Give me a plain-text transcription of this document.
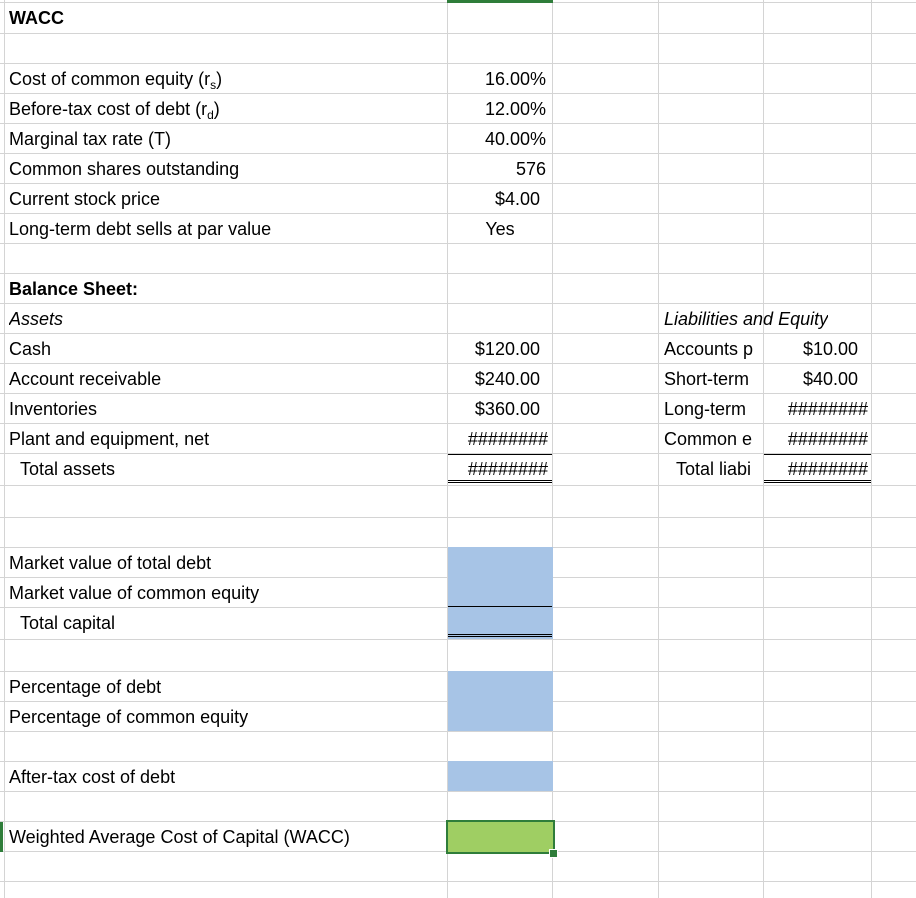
WACC
Cost of common equity $(r_s)$	16.00%
Before-tax cost of debt $(r_d)$	12.00%
Marginal tax rate (T)	40.00%
Common shares outstanding	576
Current stock price	$4.00
Long-term debt sells at par value	Yes
Balance Sheet:
Assets	Liabilities and Equity
Cash	$120.00	Accounts p	$10.00
Account receivable	$240.00	Short-term	$40.00
Inventories	$360.00	Long-term	########
Plant and equipment, net	########	Common e	########
Total assets	########	Total liabi	########
Market value of total debt
Market value of common equity
Total capital
Percentage of debt
Percentage of common equity
After-tax cost of debt
Weighted Average Cost of Capital (WACC)
